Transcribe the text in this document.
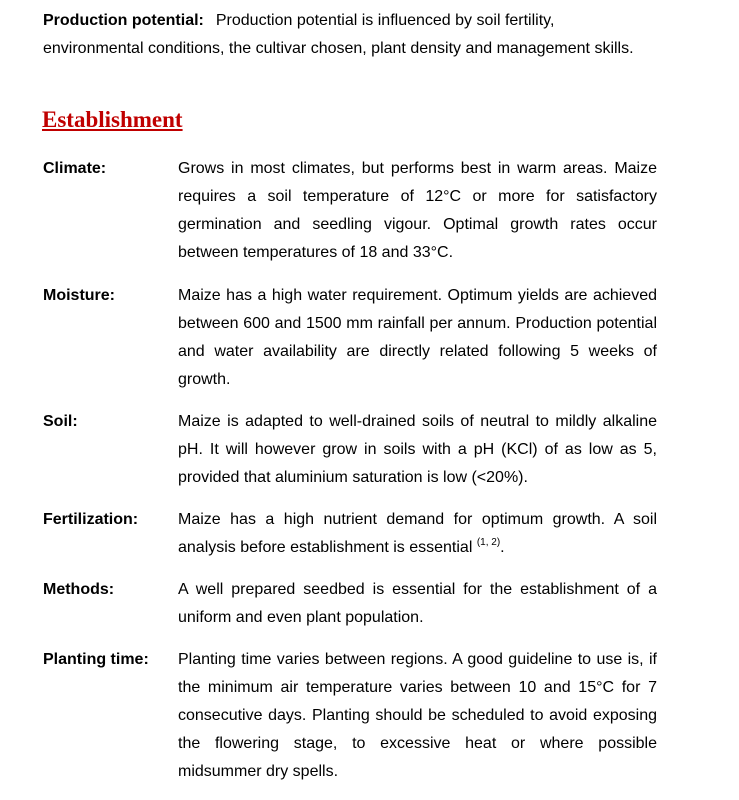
Production potential: Production potential is influenced by soil fertility, environmental conditions, the cultivar chosen, plant density and management skills.

Establishment
Climate:	Grows in most climates, but performs best in warm areas. Maize requires a soil temperature of 12°C or more for satisfactory germination and seedling vigour. Optimal growth rates occur between temperatures of 18 and 33°C.
Moisture:	Maize has a high water requirement. Optimum yields are achieved between 600 and 1500 mm rainfall per annum. Production potential and water availability are directly related following 5 weeks of growth.
Soil:	Maize is adapted to well-drained soils of neutral to mildly alkaline pH. It will however grow in soils with a pH (KCl) of as low as 5, provided that aluminium saturation is low (<20%).
Fertilization: Maize has a high nutrient demand for optimum growth. A soil analysis before establishment is essential $^{(1, 2)}$.
Methods:	A well prepared seedbed is essential for the establishment of a uniform and even plant population.
Planting time: Planting time varies between regions. A good guideline to use is, if the minimum air temperature varies between 10 and 15°C for 7 consecutive days. Planting should be scheduled to avoid exposing the flowering stage, to excessive heat or where possible midsummer dry spells.
